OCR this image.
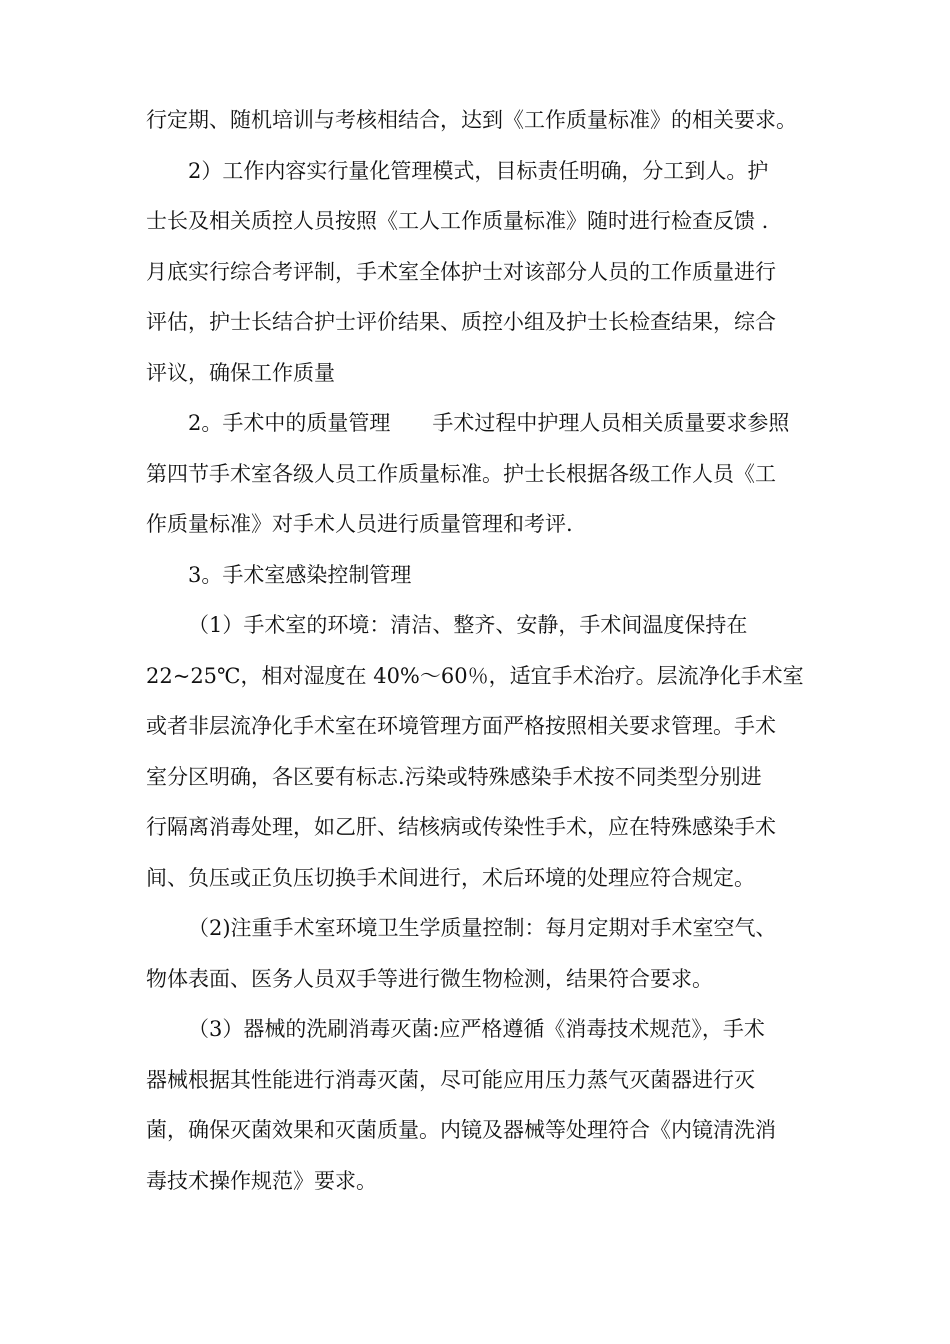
行定期、随机培训与考核相结合，达到《工作质量标准》的相关要求。
2）工作内容实行量化管理模式，目标责任明确，分工到人。护
士长及相关质控人员按照《工人工作质量标准》随时进行检查反馈 .
月底实行综合考评制，手术室全体护士对该部分人员的工作质量进行
评估，护士长结合护士评价结果、质控小组及护士长检查结果，综合
评议，确保工作质量
2。手术中的质量管理　　手术过程中护理人员相关质量要求参照
第四节手术室各级人员工作质量标准。护士长根据各级工作人员《工
作质量标准》对手术人员进行质量管理和考评.
3。手术室感染控制管理
（1）手术室的环境：清洁、整齐、安静，手术间温度保持在
22~25℃，相对湿度在 40%～60％，适宜手术治疗。层流净化手术室
或者非层流净化手术室在环境管理方面严格按照相关要求管理。手术
室分区明确，各区要有标志.污染或特殊感染手术按不同类型分别进
行隔离消毒处理，如乙肝、结核病或传染性手术，应在特殊感染手术
间、负压或正负压切换手术间进行，术后环境的处理应符合规定。
（2)注重手术室环境卫生学质量控制：每月定期对手术室空气、
物体表面、医务人员双手等进行微生物检测，结果符合要求。
（3）器械的洗刷消毒灭菌:应严格遵循《消毒技术规范》，手术
器械根据其性能进行消毒灭菌，尽可能应用压力蒸气灭菌器进行灭
菌，确保灭菌效果和灭菌质量。内镜及器械等处理符合《内镜清洗消
毒技术操作规范》要求。
